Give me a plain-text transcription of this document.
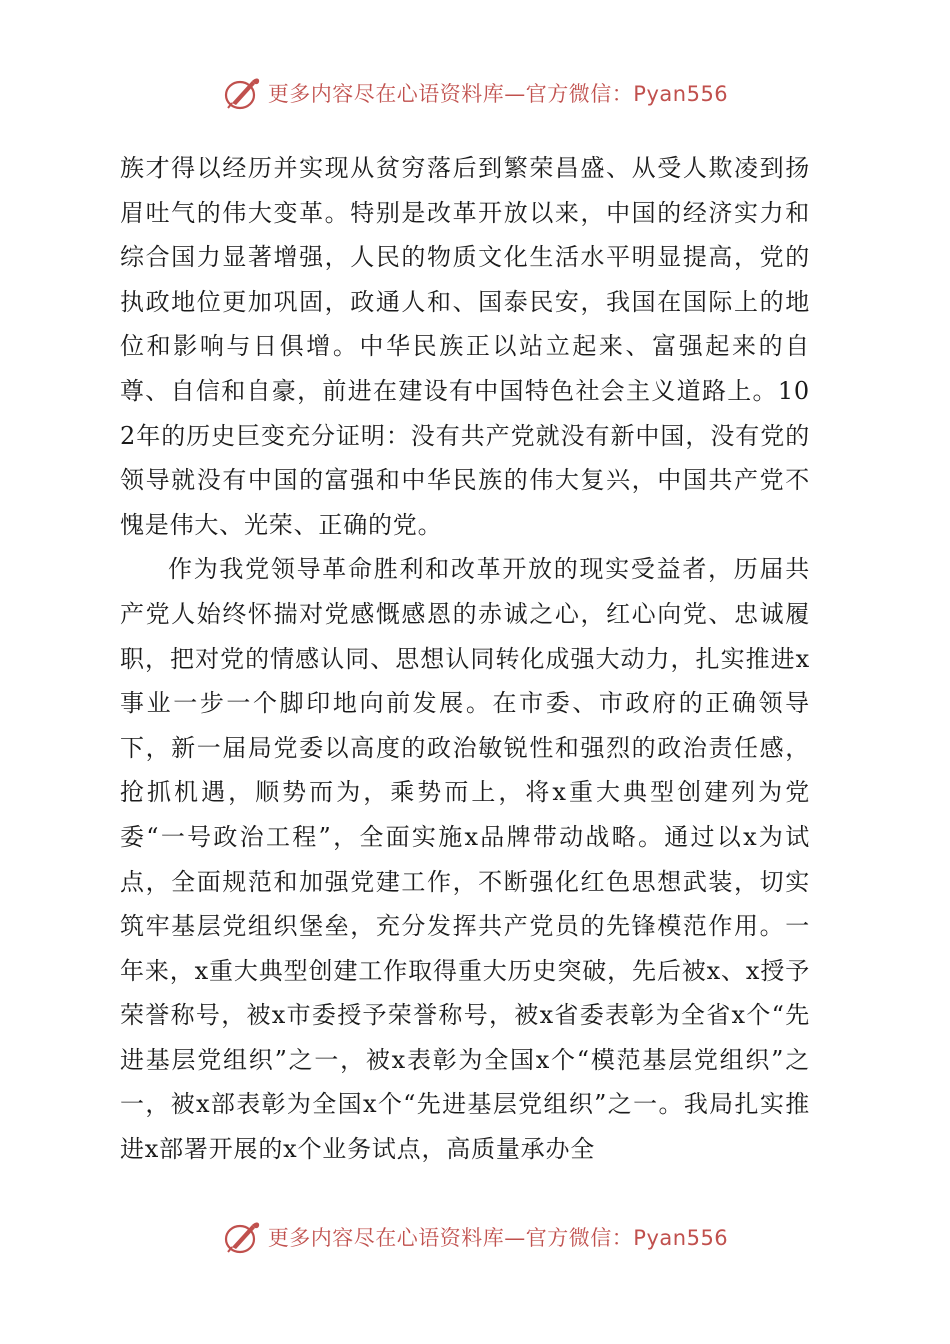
更多内容尽在心语资料库—官方微信：Pyan556

族才得以经历并实现从贫穷落后到繁荣昌盛、从受人欺凌到扬眉吐气的伟大变革。特别是改革开放以来，中国的经济实力和综合国力显著增强，人民的物质文化生活水平明显提高，党的执政地位更加巩固，政通人和、国泰民安，我国在国际上的地位和影响与日俱增。中华民族正以站立起来、富强起来的自尊、自信和自豪，前进在建设有中国特色社会主义道路上。102年的历史巨变充分证明：没有共产党就没有新中国，没有党的领导就没有中国的富强和中华民族的伟大复兴，中国共产党不愧是伟大、光荣、正确的党。

作为我党领导革命胜利和改革开放的现实受益者，历届共产党人始终怀揣对党感慨感恩的赤诚之心，红心向党、忠诚履职，把对党的情感认同、思想认同转化成强大动力，扎实推进x事业一步一个脚印地向前发展。在市委、市政府的正确领导下，新一届局党委以高度的政治敏锐性和强烈的政治责任感，抢抓机遇，顺势而为，乘势而上，将x重大典型创建列为党委“一号政治工程”，全面实施x品牌带动战略。通过以x为试点，全面规范和加强党建工作，不断强化红色思想武装，切实筑牢基层党组织堡垒，充分发挥共产党员的先锋模范作用。一年来，x重大典型创建工作取得重大历史突破，先后被x、x授予荣誉称号，被x市委授予荣誉称号，被x省委表彰为全省x个“先进基层党组织”之一，被x表彰为全国x个“模范基层党组织”之一，被x部表彰为全国x个“先进基层党组织”之一。我局扎实推进x部署开展的x个业务试点，高质量承办全

更多内容尽在心语资料库—官方微信：Pyan556
